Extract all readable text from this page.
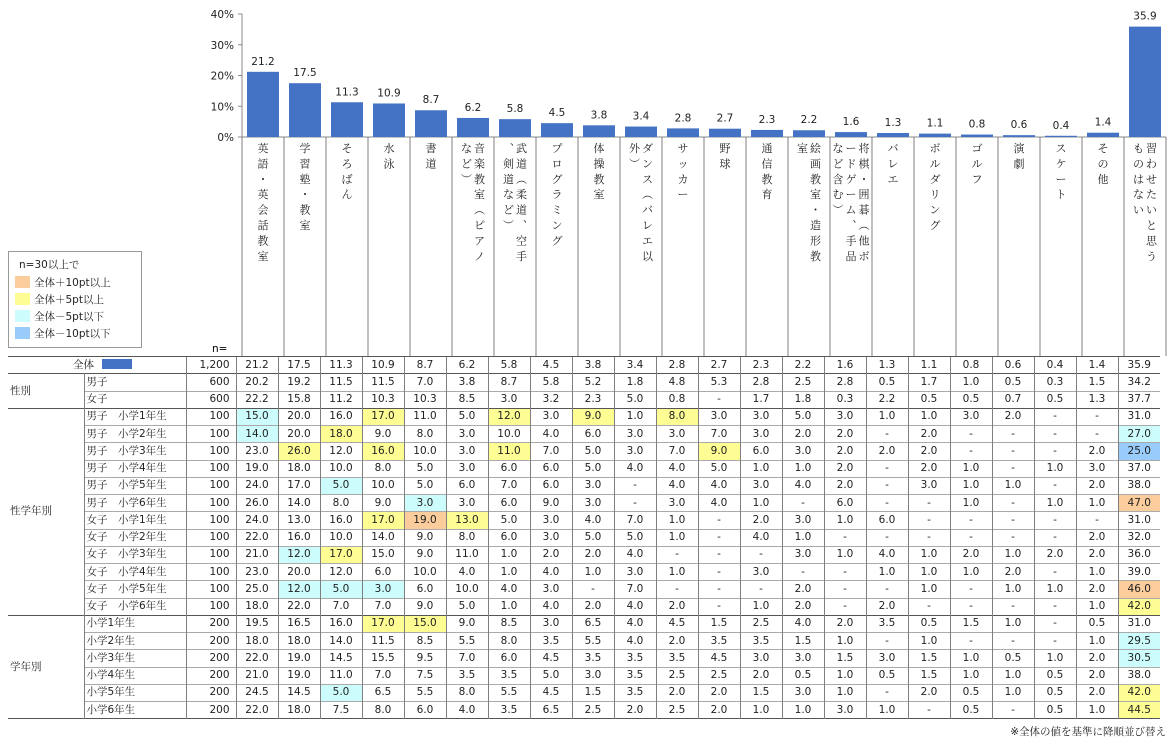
40%
30%
20%
10%
0%
21.2
17.5
11.3 10.9
8.7
6.2 5.8 4.5 3.8 3.4 2.8 2.7 2.3 2.2 1.6 1.3 1.1 0.8 0.6 0.4 1.4
35.9
英語・英会話教室
学習塾・教室
そろばん
水泳
書道
音楽教室︵ピアノ
など︶
武道︵柔道︑空手
︑剣道など︶
プログラミング
体操教室
ダンス︵バレエ以
外︶
サッカー
野球
通信教育
絵画教室・造形教
室	将棋・囲碁︵他ボ
ードゲーム︑手品
など含む︶
バレエ
ボルダリング
ゴルフ
演劇
スケート
その他
習わせたいと思う
ものはない
n=
n=30以上で
全体＋10pt以上
全体＋5pt以上
全体－5pt以下
全体－10pt以下
全体		1,200	21.2	17.5	11.3	10.9	8.7	6.2	5.8	4.5	3.8	3.4	2.8	2.7	2.3	2.2	1.6	1.3	1.1	0.8	0.6	0.4	1.4	35.9
性別	男子	600	20.2	19.2	11.5	11.5	7.0	3.8	8.7	5.8	5.2	1.8	4.8	5.3	2.8	2.5	2.8	0.5	1.7	1.0	0.5	0.3	1.5	34.2
	女子	600	22.2	15.8	11.2	10.3	10.3	8.5	3.0	3.2	2.3	5.0	0.8	-	1.7	1.8	0.3	2.2	0.5	0.5	0.7	0.5	1.3	37.7
性学年別	男子　小学1年生	100	15.0	20.0	16.0	17.0	11.0	5.0	12.0	3.0	9.0	1.0	8.0	3.0	3.0	5.0	3.0	1.0	1.0	3.0	2.0	-	-	31.0
	男子　小学2年生	100	14.0	20.0	18.0	9.0	8.0	3.0	10.0	4.0	6.0	3.0	3.0	7.0	3.0	2.0	2.0	-	2.0	-	-	-	-	27.0
	男子　小学3年生	100	23.0	26.0	12.0	16.0	10.0	3.0	11.0	7.0	5.0	3.0	7.0	9.0	6.0	3.0	2.0	2.0	2.0	-	-	-	2.0	25.0
	男子　小学4年生	100	19.0	18.0	10.0	8.0	5.0	3.0	6.0	6.0	5.0	4.0	4.0	5.0	1.0	1.0	2.0	-	2.0	1.0	-	1.0	3.0	37.0
	男子　小学5年生	100	24.0	17.0	5.0	10.0	5.0	6.0	7.0	6.0	3.0	-	4.0	4.0	3.0	4.0	2.0	-	3.0	1.0	1.0	-	2.0	38.0
	男子　小学6年生	100	26.0	14.0	8.0	9.0	3.0	3.0	6.0	9.0	3.0	-	3.0	4.0	1.0	-	6.0	-	-	1.0	-	1.0	1.0	47.0
	女子　小学1年生	100	24.0	13.0	16.0	17.0	19.0	13.0	5.0	3.0	4.0	7.0	1.0	-	2.0	3.0	1.0	6.0	-	-	-	-	-	31.0
	女子　小学2年生	100	22.0	16.0	10.0	14.0	9.0	8.0	6.0	3.0	5.0	5.0	1.0	-	4.0	1.0	-	-	-	-	-	-	2.0	32.0
	女子　小学3年生	100	21.0	12.0	17.0	15.0	9.0	11.0	1.0	2.0	2.0	4.0	-	-	-	3.0	1.0	4.0	1.0	2.0	1.0	2.0	2.0	36.0
	女子　小学4年生	100	23.0	20.0	12.0	6.0	10.0	4.0	1.0	4.0	1.0	3.0	1.0	-	3.0	-	-	1.0	1.0	1.0	2.0	-	1.0	39.0
	女子　小学5年生	100	25.0	12.0	5.0	3.0	6.0	10.0	4.0	3.0	-	7.0	-	-	-	2.0	-	-	1.0	-	1.0	1.0	2.0	46.0
	女子　小学6年生	100	18.0	22.0	7.0	7.0	9.0	5.0	1.0	4.0	2.0	4.0	2.0	-	1.0	2.0	-	2.0	-	-	-	-	1.0	42.0
学年別	小学1年生	200	19.5	16.5	16.0	17.0	15.0	9.0	8.5	3.0	6.5	4.0	4.5	1.5	2.5	4.0	2.0	3.5	0.5	1.5	1.0	-	0.5	31.0
	小学2年生	200	18.0	18.0	14.0	11.5	8.5	5.5	8.0	3.5	5.5	4.0	2.0	3.5	3.5	1.5	1.0	-	1.0	-	-	-	1.0	29.5
	小学3年生	200	22.0	19.0	14.5	15.5	9.5	7.0	6.0	4.5	3.5	3.5	3.5	4.5	3.0	3.0	1.5	3.0	1.5	1.0	0.5	1.0	2.0	30.5
	小学4年生	200	21.0	19.0	11.0	7.0	7.5	3.5	3.5	5.0	3.0	3.5	2.5	2.5	2.0	0.5	1.0	0.5	1.5	1.0	1.0	0.5	2.0	38.0
	小学5年生	200	24.5	14.5	5.0	6.5	5.5	8.0	5.5	4.5	1.5	3.5	2.0	2.0	1.5	3.0	1.0	-	2.0	0.5	1.0	0.5	2.0	42.0
	小学6年生	200	22.0	18.0	7.5	8.0	6.0	4.0	3.5	6.5	2.5	2.0	2.5	2.0	1.0	1.0	3.0	1.0	-	0.5	-	0.5	1.0	44.5

※全体の値を基準に降順並び替え
